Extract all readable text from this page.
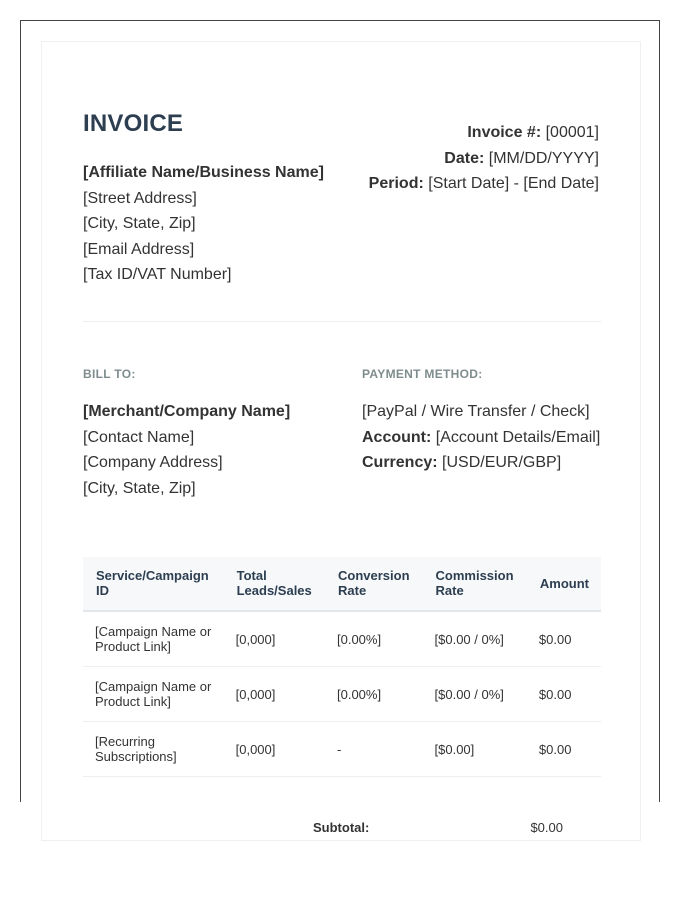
INVOICE
[Affiliate Name/Business Name]
[Street Address]
[City, State, Zip]
[Email Address]
[Tax ID/VAT Number]
Invoice #: [00001]
Date: [MM/DD/YYYY]
Period: [Start Date] - [End Date]
BILL TO:	PAYMENT METHOD:
[Merchant/Company Name]
[Contact Name]
[Company Address]
[City, State, Zip]
[PayPal / Wire Transfer / Check]
Account: [Account Details/Email]
Currency: [USD/EUR/GBP]
Service/Campaign ID	Total Leads/Sales	Conversion Rate	Commission Rate	Amount
[Campaign Name or Product Link]	[0,000]	[0.00%]	[$0.00 / 0%]	$0.00
[Campaign Name or Product Link]	[0,000]	[0.00%]	[$0.00 / 0%]	$0.00
[Recurring Subscriptions]	[0,000]	-	[$0.00]	$0.00
Subtotal:	$0.00
